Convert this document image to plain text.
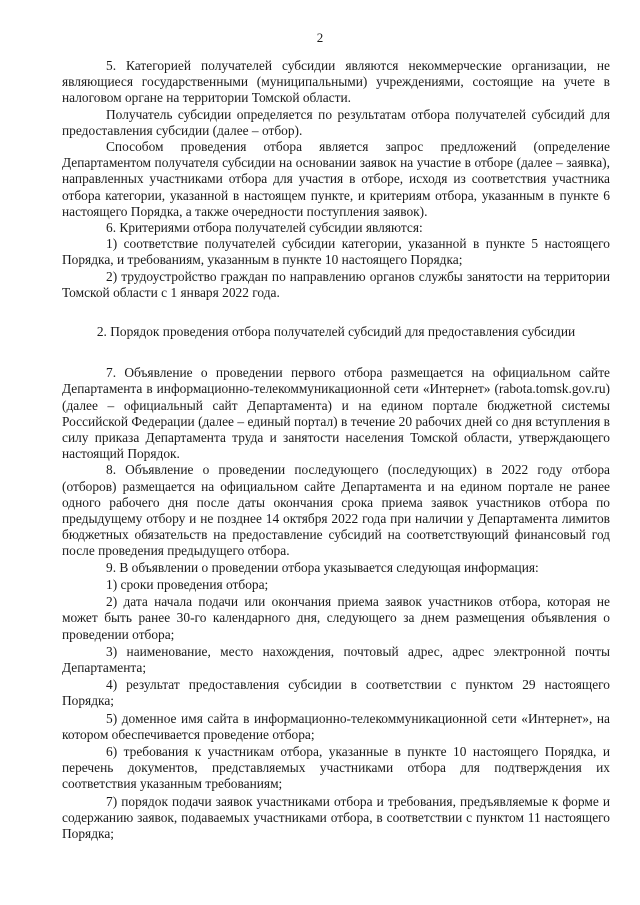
2

5. Категорией получателей субсидии являются некоммерческие организации, не являющиеся государственными (муниципальными) учреждениями, состоящие на учете в налоговом органе на территории Томской области.

Получатель субсидии определяется по результатам отбора получателей субсидий для предоставления субсидии (далее – отбор).

Способом проведения отбора является запрос предложений (определение Департаментом получателя субсидии на основании заявок на участие в отборе (далее – заявка), направленных участниками отбора для участия в отборе, исходя из соответствия участника отбора категории, указанной в настоящем пункте, и критериям отбора, указанным в пункте 6 настоящего Порядка, а также очередности поступления заявок).

6. Критериями отбора получателей субсидии являются:

1) соответствие получателей субсидии категории, указанной в пункте 5 настоящего Порядка, и требованиям, указанным в пункте 10 настоящего Порядка;

2) трудоустройство граждан по направлению органов службы занятости на территории Томской области с 1 января 2022 года.

2. Порядок проведения отбора получателей субсидий для предоставления субсидии

7. Объявление о проведении первого отбора размещается на официальном сайте Департамента в информационно-телекоммуникационной сети «Интернет» (rabota.tomsk.gov.ru) (далее – официальный сайт Департамента) и на едином портале бюджетной системы Российской Федерации (далее – единый портал) в течение 20 рабочих дней со дня вступления в силу приказа Департамента труда и занятости населения Томской области, утверждающего настоящий Порядок.

8. Объявление о проведении последующего (последующих) в 2022 году отбора (отборов) размещается на официальном сайте Департамента и на едином портале не ранее одного рабочего дня после даты окончания срока приема заявок участников отбора по предыдущему отбору и не позднее 14 октября 2022 года при наличии у Департамента лимитов бюджетных обязательств на предоставление субсидий на соответствующий финансовый год после проведения предыдущего отбора.

9. В объявлении о проведении отбора указывается следующая информация:

1) сроки проведения отбора;

2) дата начала подачи или окончания приема заявок участников отбора, которая не может быть ранее 30-го календарного дня, следующего за днем размещения объявления о проведении отбора;

3) наименование, место нахождения, почтовый адрес, адрес электронной почты Департамента;

4) результат предоставления субсидии в соответствии с пунктом 29 настоящего Порядка;

5) доменное имя сайта в информационно-телекоммуникационной сети «Интернет», на котором обеспечивается проведение отбора;

6) требования к участникам отбора, указанные в пункте 10 настоящего Порядка, и перечень документов, представляемых участниками отбора для подтверждения их соответствия указанным требованиям;

7) порядок подачи заявок участниками отбора и требования, предъявляемые к форме и содержанию заявок, подаваемых участниками отбора, в соответствии с пунктом 11 настоящего Порядка;
